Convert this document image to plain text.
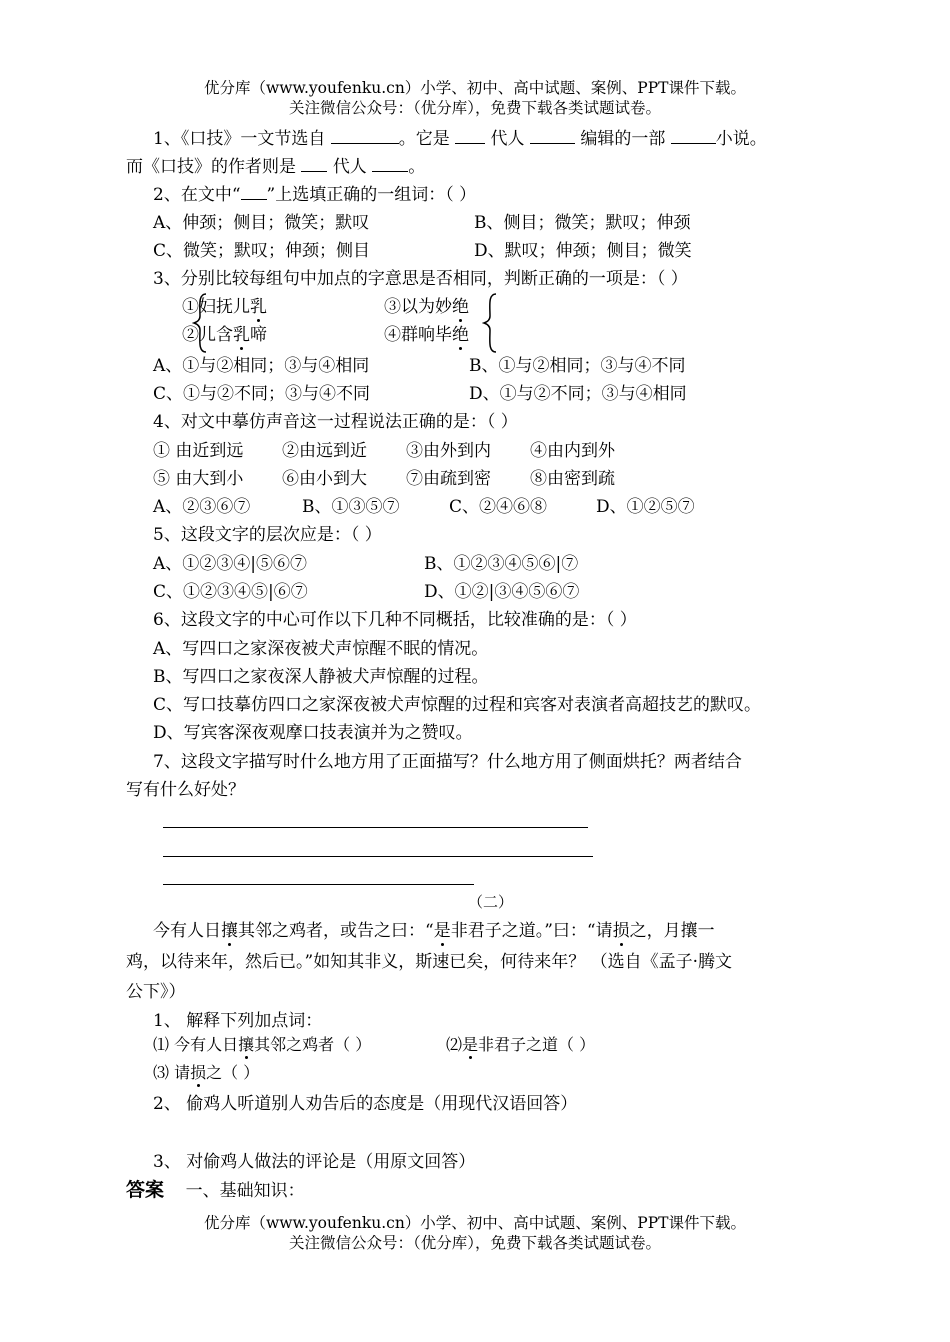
优分库（www.youfenku.cn）小学、初中、高中试题、案例、PPT课件下载。
关注微信公众号：（优分库），免费下载各类试题试卷。
1、《口技》一文节选自	。它是 代人	编辑的一部	小说。
而《口技》的作者则是 代人 。
2、在文中“ ”上选填正确的一组词：（ ）
A、伸颈；侧目；微笑；默叹	B、侧目；微笑；默叹；伸颈
C、微笑；默叹；伸颈；侧目	D、默叹；伸颈；侧目；微笑
3、分别比较每组句中加点的字意思是否相同，判断正确的一项是：（ ）
①妇抚儿乳
②儿含乳啼
③以为妙绝
④群响毕绝
A、①与②相同；③与④相同	B、①与②相同；③与④不同
C、①与②不同；③与④不同	D、①与②不同；③与④相同
4、对文中摹仿声音这一过程说法正确的是：（ ）
① 由近到远 ②由远到近 ③由外到内 ④由内到外
⑤ 由大到小 ⑥由小到大 ⑦由疏到密 ⑧由密到疏
A、②③⑥⑦	B、①③⑤⑦	C、②④⑥⑧	D、①②⑤⑦
5、这段文字的层次应是：（ ）
A、①②③④|⑤⑥⑦	B、①②③④⑤⑥|⑦
C、①②③④⑤|⑥⑦	D、①②|③④⑤⑥⑦
6、这段文字的中心可作以下几种不同概括，比较准确的是：（ ）
A、写四口之家深夜被犬声惊醒不眠的情况。
B、写四口之家夜深人静被犬声惊醒的过程。
C、写口技摹仿四口之家深夜被犬声惊醒的过程和宾客对表演者高超技艺的默叹。
D、写宾客深夜观摩口技表演并为之赞叹。
7、这段文字描写时什么地方用了正面描写？什么地方用了侧面烘托？两者结合
写有什么好处？
（二）
今有人日攘其邻之鸡者，或告之曰：“是非君子之道。”曰：“请损之，月攘一
鸡，以待来年，然后已。”如知其非义，斯速已矣，何待来年？ （选自《孟子·腾文
公下》）
1、 解释下列加点词：
⑴ 今有人日攘其邻之鸡者（ ）	⑵是非君子之道（ ）
⑶ 请损之（ ）
2、 偷鸡人听道别人劝告后的态度是（用现代汉语回答）
3、 对偷鸡人做法的评论是（用原文回答）
答案 一、基础知识：
优分库（www.youfenku.cn）小学、初中、高中试题、案例、PPT课件下载。
关注微信公众号：（优分库），免费下载各类试题试卷。
